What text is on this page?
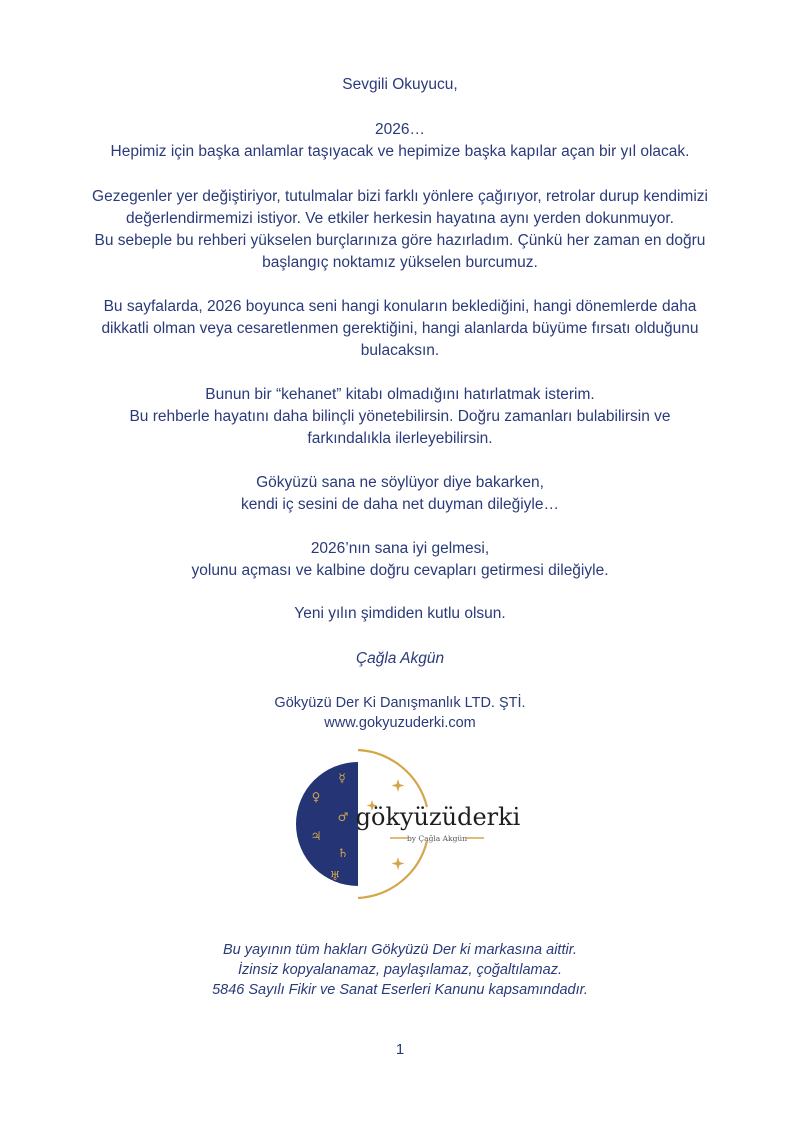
Sevgili Okuyucu,
2026…
Hepimiz için başka anlamlar taşıyacak ve hepimize başka kapılar açan bir yıl olacak.
Gezegenler yer değiştiriyor, tutulmalar bizi farklı yönlere çağırıyor, retrolar durup kendimizi
değerlendirmemizi istiyor. Ve etkiler herkesin hayatına aynı yerden dokunmuyor.
Bu sebeple bu rehberi yükselen burçlarınıza göre hazırladım. Çünkü her zaman en doğru
başlangıç noktamız yükselen burcumuz.
Bu sayfalarda, 2026 boyunca seni hangi konuların beklediğini, hangi dönemlerde daha
dikkatli olman veya cesaretlenmen gerektiğini, hangi alanlarda büyüme fırsatı olduğunu
bulacaksın.
Bunun bir “kehanet” kitabı olmadığını hatırlatmak isterim.
Bu rehberle hayatını daha bilinçli yönetebilirsin. Doğru zamanları bulabilirsin ve
farkındalıkla ilerleyebilirsin.
Gökyüzü sana ne söylüyor diye bakarken,
kendi iç sesini de daha net duyman dileğiyle…
2026’nın sana iyi gelmesi,
yolunu açması ve kalbine doğru cevapları getirmesi dileğiyle.
Yeni yılın şimdiden kutlu olsun.
Çağla Akgün
Gökyüzü Der Ki Danışmanlık LTD. ŞTİ.
www.gokyuzuderki.com
☿
♀
♂
♃
♄
♅
gökyüzüderki
by Çağla Akgün
Bu yayının tüm hakları Gökyüzü Der ki markasına aittir.
İzinsiz kopyalanamaz, paylaşılamaz, çoğaltılamaz.
5846 Sayılı Fikir ve Sanat Eserleri Kanunu kapsamındadır.
1
